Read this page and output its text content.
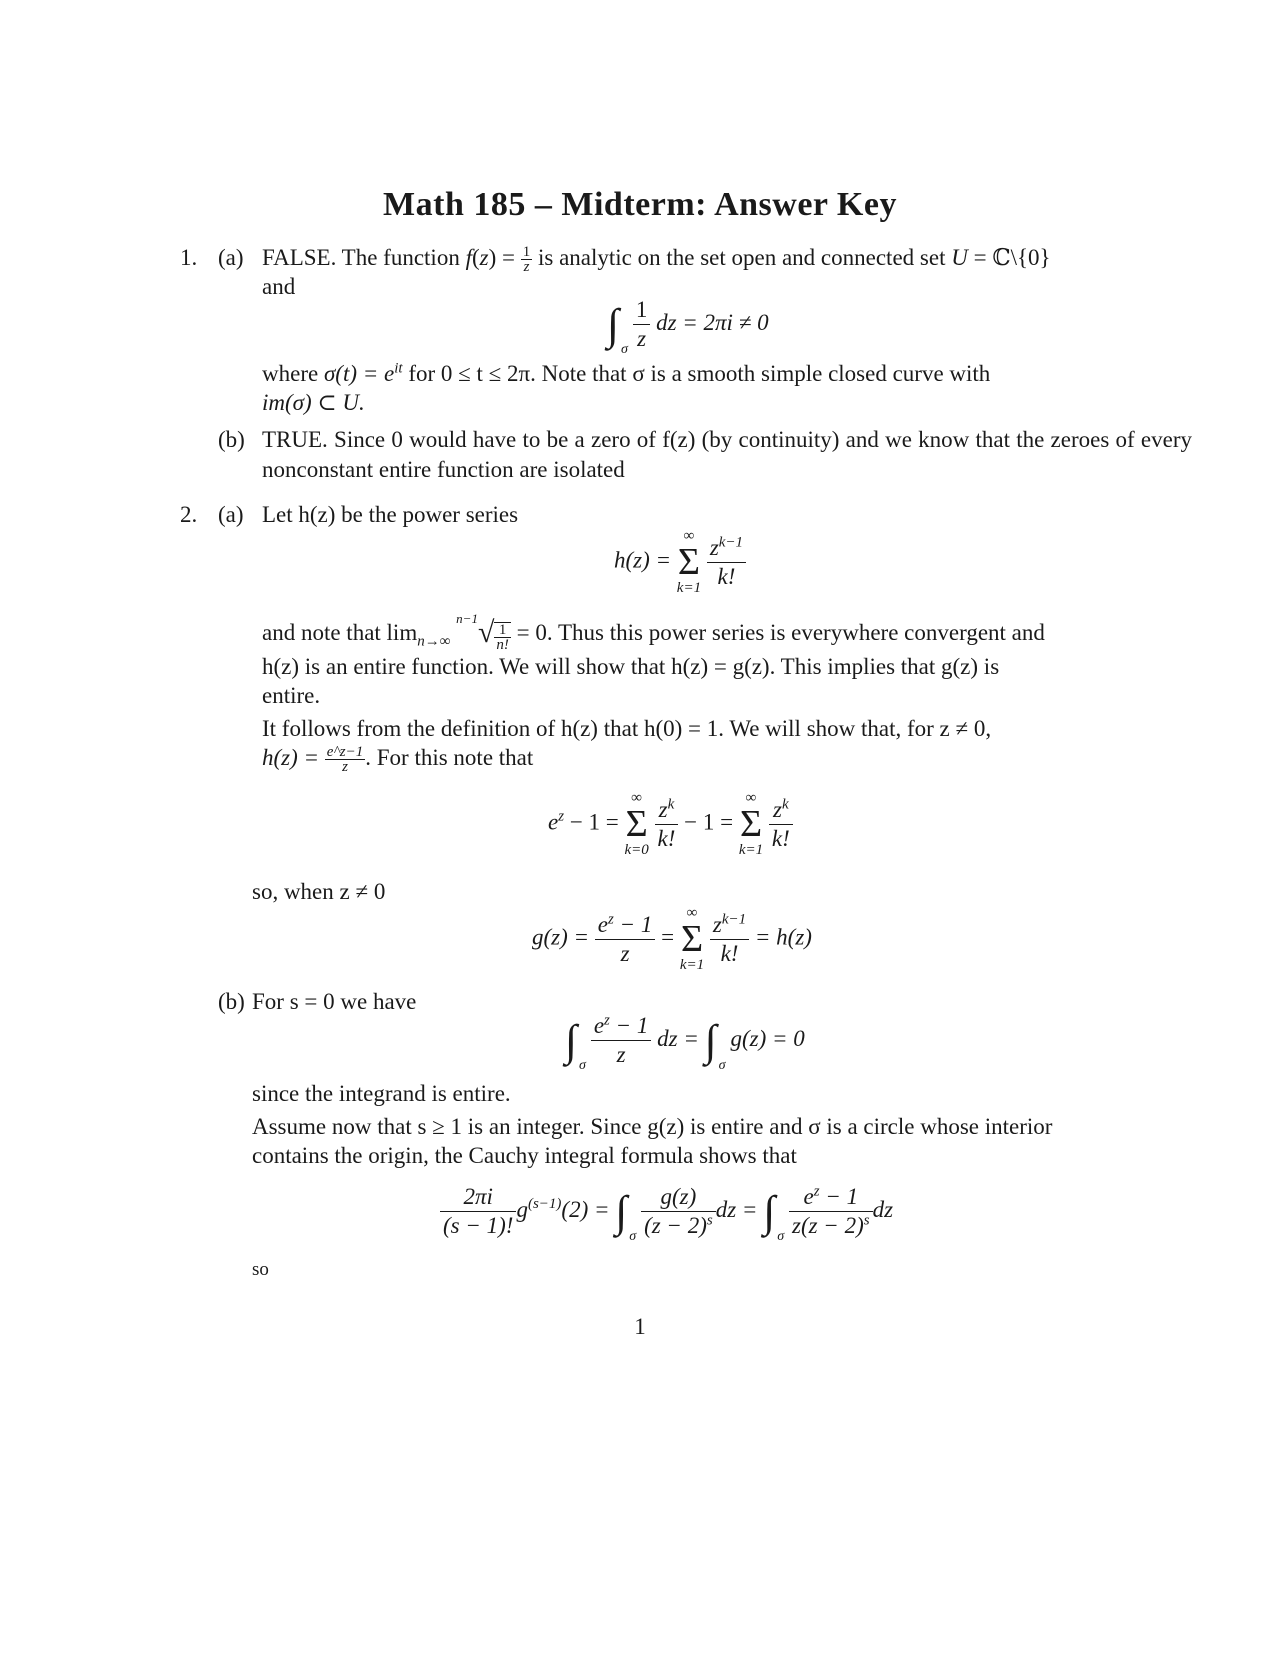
Math 185 – Midterm: Answer Key
1. (a) FALSE. The function $f(z) = \frac{1}{z}$ is analytic on the set open and connected set U = ℂ\{0}
and
∫
σ
$\frac{1}{z}$ dz = 2πi ≠ 0
where $\sigma(t) = e^{it}$ for 0 ≤ t ≤ 2π. Note that σ is a smooth simple closed curve with
im(σ) ⊂ U.
(b) TRUE. Since 0 would have to be a zero of f(z) (by continuity) and we know that the zeroes of every nonconstant entire function are isolated
2. (a) Let h(z) be the power series
h(z) =
∞
Σ
k=1
$\frac{z^{k-1}}{k!}$
and note that $\lim_{n\to\infty} ^{n-1}√ \frac{1}{n!} = 0$. Thus this power series is everywhere convergent and
h(z) is an entire function. We will show that h(z) = g(z). This implies that g(z) is
entire.
It follows from the definition of h(z) that h(0) = 1. We will show that, for z ≠ 0,
$h(z) = \frac{e\^{}z-1}{z}$ . For this note that
$e^z - 1$ =
∞
Σ
k=0
$\frac{z^k}{k!} - 1$ =
∞
Σ
k=1
$\frac{z^k}{k!}$
so, when z ≠ 0
$g(z) = \frac{e^z - 1}{z}$ =
∞
Σ
k=1
$\frac{z^{k-1}}{k!} = h(z)$
(b) For s = 0 we have
∫
σ
$\frac{e^z - 1}{z}$ dz = ∫
σ
g(z) = 0
since the integrand is entire.
Assume now that s ≥ 1 is an integer. Since g(z) is entire and σ is a circle whose interior
contains the origin, the Cauchy integral formula shows that
$\frac{2\pi i}{(s - 1)!} g^{(s-1)}(2)$ = ∫
σ
$\frac{g(z)}{(z - 2)^s}$ dz = ∫
σ
$\frac{e^z - 1}{z(z - 2)^s}$ dz
so
1
